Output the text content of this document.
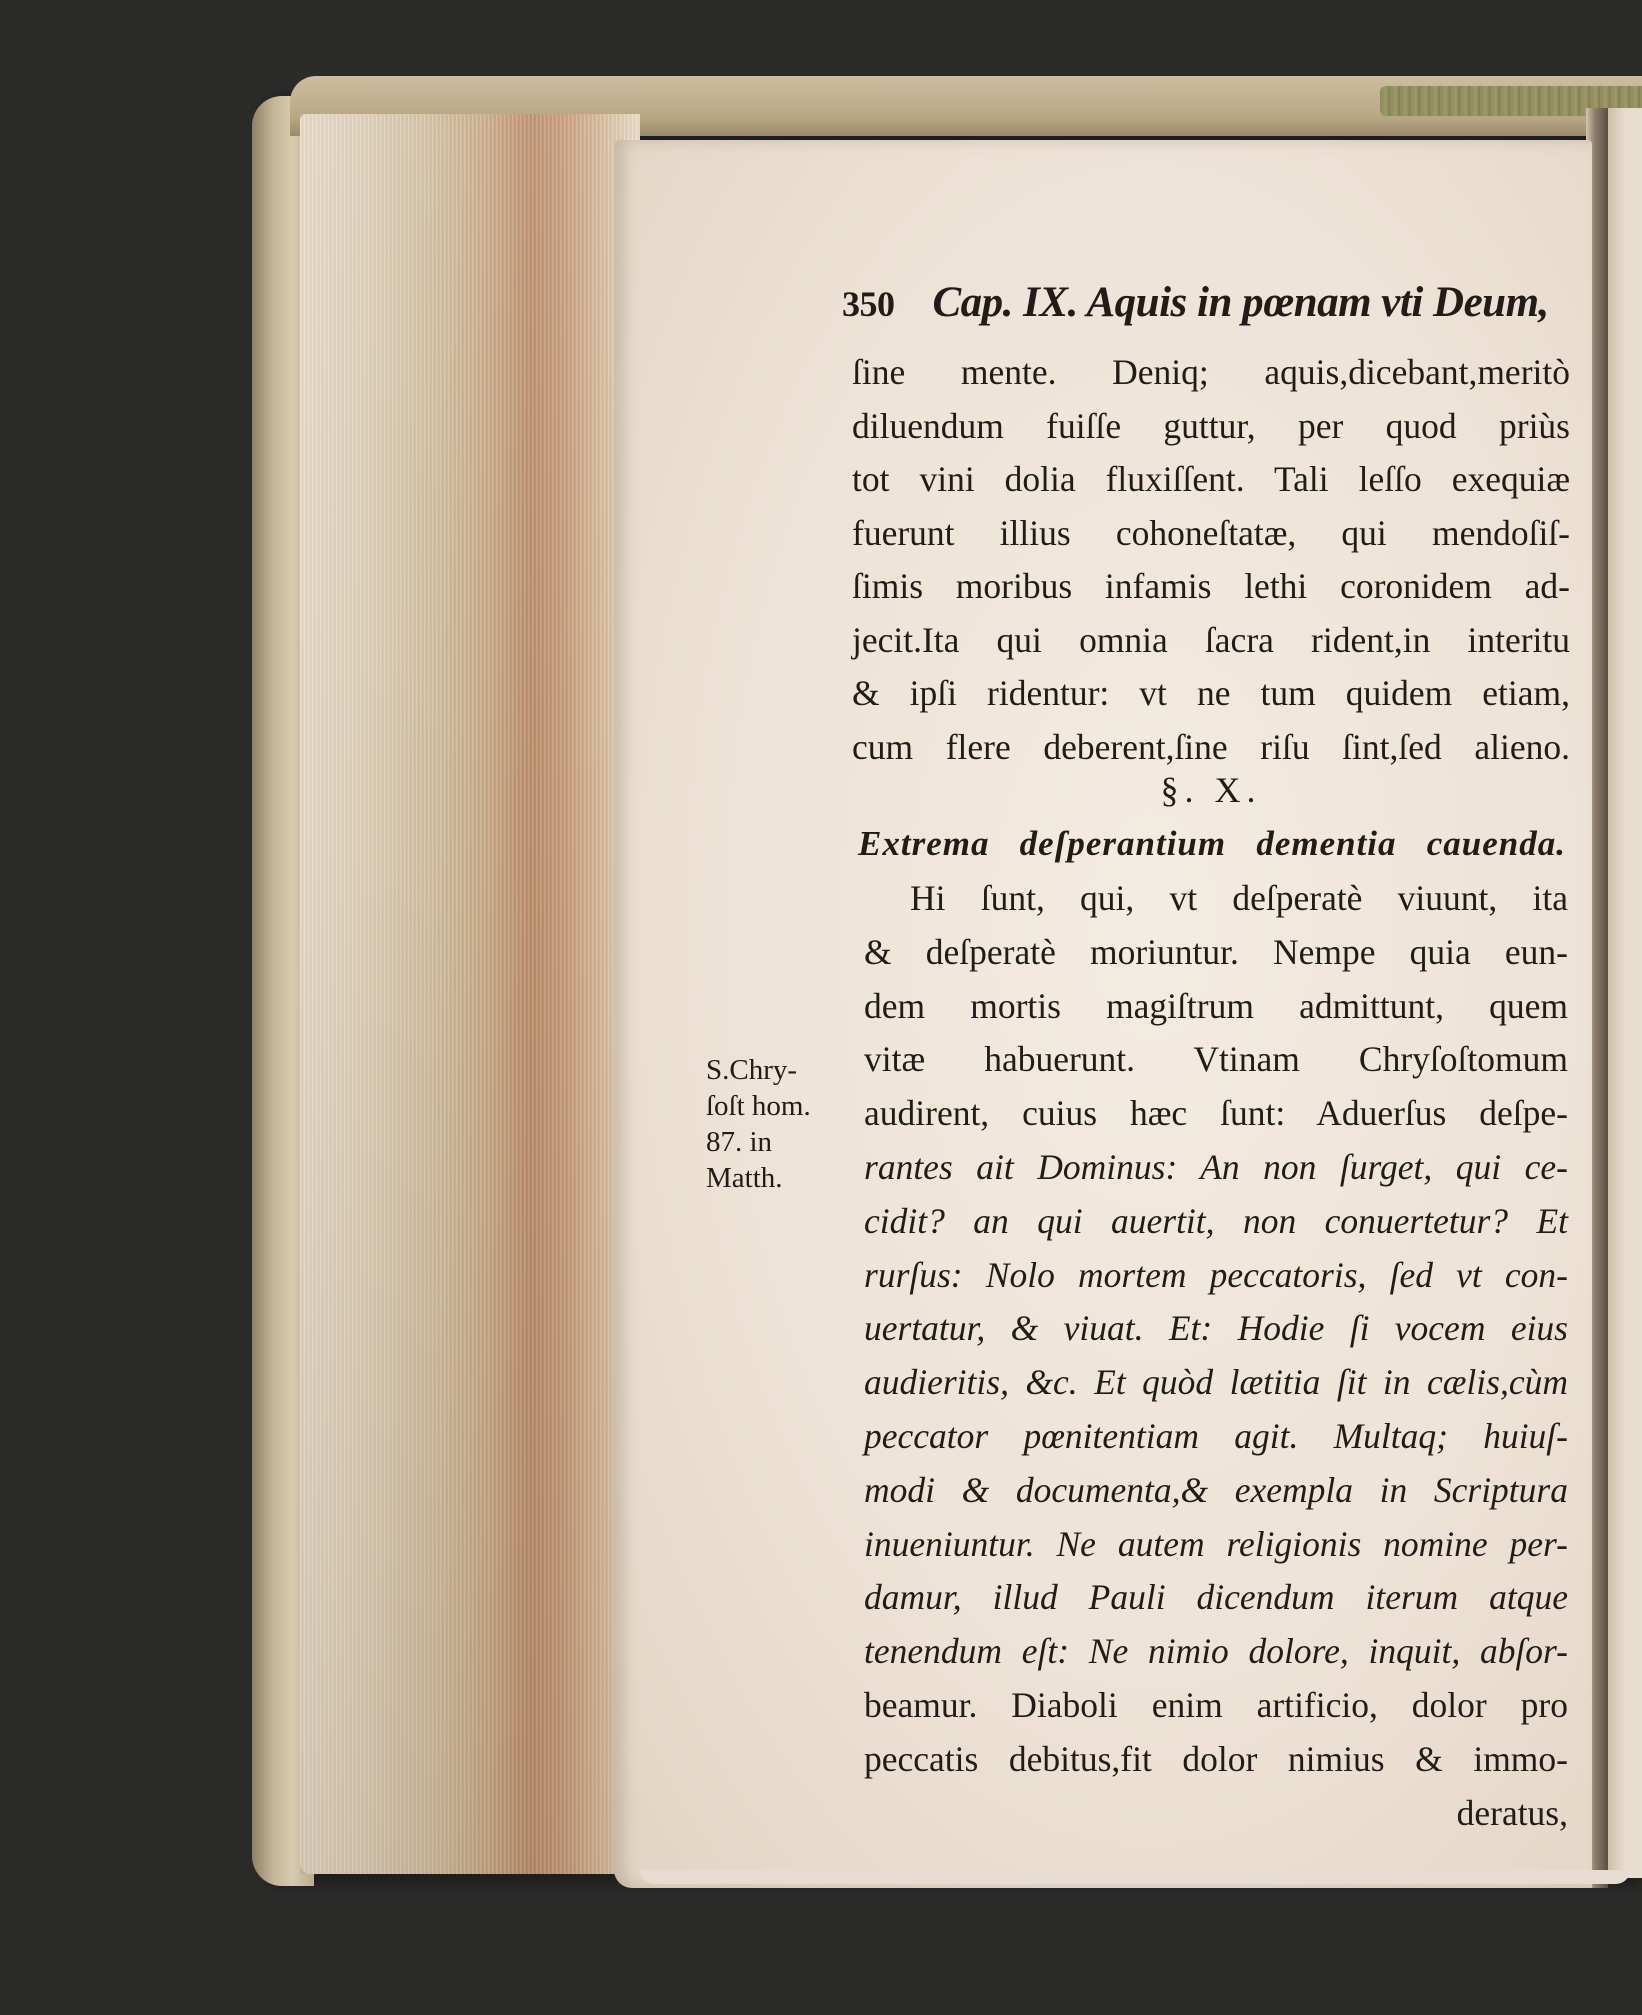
350 Cap. IX. Aquis in pœnam vti Deum,
ſine mente. Deniq; aquis,dicebant,meritò
diluendum fuiſſe guttur, per quod priùs
tot vini dolia fluxiſſent. Tali leſſo exequiæ
fuerunt illius cohoneſtatæ, qui mendoſiſ-
ſimis moribus infamis lethi coronidem ad-
jecit.Ita qui omnia ſacra rident,in interitu
& ipſi ridentur: vt ne tum quidem etiam,
cum flere deberent,ſine riſu ſint,ſed alieno.
§. X.
Extrema deſperantium dementia cauenda.
Hi ſunt, qui, vt deſperatè viuunt, ita
& deſperatè moriuntur. Nempe quia eun-
dem mortis magiſtrum admittunt, quem
vitæ habuerunt. Vtinam Chryſoſtomum
audirent, cuius hæc ſunt: Aduerſus deſpe-
rantes ait Dominus: An non ſurget, qui ce-
cidit? an qui auertit, non conuertetur? Et
rurſus: Nolo mortem peccatoris, ſed vt con-
uertatur, & viuat. Et: Hodie ſi vocem eius
audieritis, &c. Et quòd lætitia ſit in cælis,cùm
peccator pœnitentiam agit. Multaq; huiuſ-
modi & documenta,& exempla in Scriptura
inueniuntur. Ne autem religionis nomine per-
damur, illud Pauli dicendum iterum atque
tenendum eſt: Ne nimio dolore, inquit, abſor-
beamur. Diaboli enim artificio, dolor pro
peccatis debitus,fit dolor nimius & immo-
deratus,
S.Chry-
ſoſt hom.
87. in
Matth.
